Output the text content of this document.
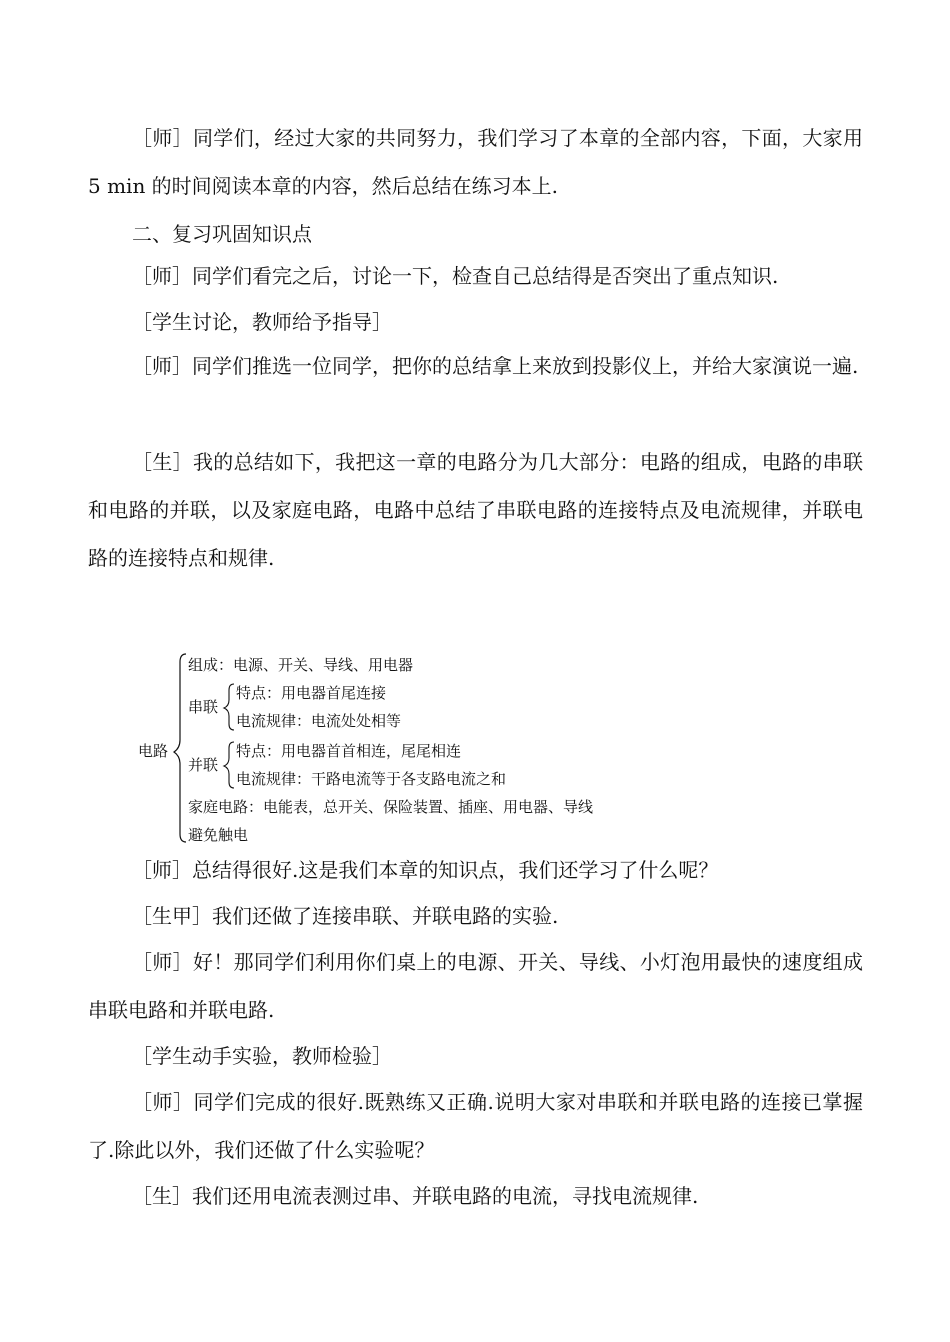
［师］同学们，经过大家的共同努力，我们学习了本章的全部内容，下面，大家用 5 min 的时间阅读本章的内容，然后总结在练习本上.

二、复习巩固知识点

［师］同学们看完之后，讨论一下，检查自己总结得是否突出了重点知识.

［学生讨论，教师给予指导］

［师］同学们推选一位同学，把你的总结拿上来放到投影仪上，并给大家演说一遍.

［生］我的总结如下，我把这一章的电路分为几大部分：电路的组成，电路的串联和电路的并联，以及家庭电路，电路中总结了串联电路的连接特点及电流规律，并联电路的连接特点和规律.

电路
组成：电源、开关、导线、用电器
串联
特点：用电器首尾连接
电流规律：电流处处相等
并联
特点：用电器首首相连，尾尾相连
电流规律：干路电流等于各支路电流之和
家庭电路：电能表，总开关、保险装置、插座、用电器、导线
避免触电

［师］总结得很好.这是我们本章的知识点，我们还学习了什么呢？

［生甲］我们还做了连接串联、并联电路的实验.

［师］好！那同学们利用你们桌上的电源、开关、导线、小灯泡用最快的速度组成串联电路和并联电路.

［学生动手实验，教师检验］

［师］同学们完成的很好.既熟练又正确.说明大家对串联和并联电路的连接已掌握了.除此以外，我们还做了什么实验呢？

［生］我们还用电流表测过串、并联电路的电流，寻找电流规律.
